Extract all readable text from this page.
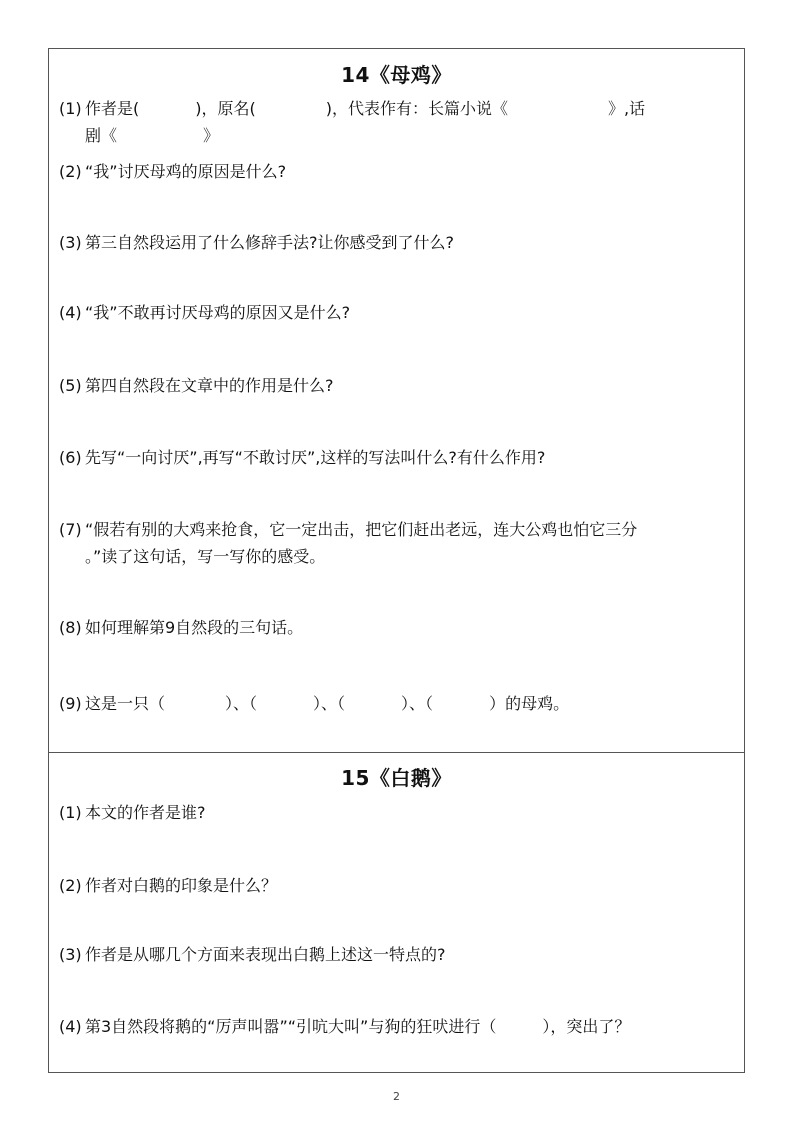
14《母鸡》
(1) 作者是(	)，原名(	)，代表作有：长篇小说《	》,话
剧《	》
(2) “我”讨厌母鸡的原因是什么?
(3) 第三自然段运用了什么修辞手法?让你感受到了什么?
(4) “我”不敢再讨厌母鸡的原因又是什么?
(5) 第四自然段在文章中的作用是什么?
(6) 先写“一向讨厌”,再写“不敢讨厌”,这样的写法叫什么?有什么作用?
(7) “假若有别的大鸡来抢食，它一定出击，把它们赶出老远，连大公鸡也怕它三分
。”读了这句话，写一写你的感受。
(8) 如何理解第9自然段的三句话。
(9) 这是一只（	）、（	）、（	）、（	）的母鸡。
15《白鹅》
(1) 本文的作者是谁?
(2) 作者对白鹅的印象是什么？
(3) 作者是从哪几个方面来表现出白鹅上述这一特点的?
(4) 第3自然段将鹅的“厉声叫嚣”“引吭大叫”与狗的狂吠进行（	），突出了？
2
